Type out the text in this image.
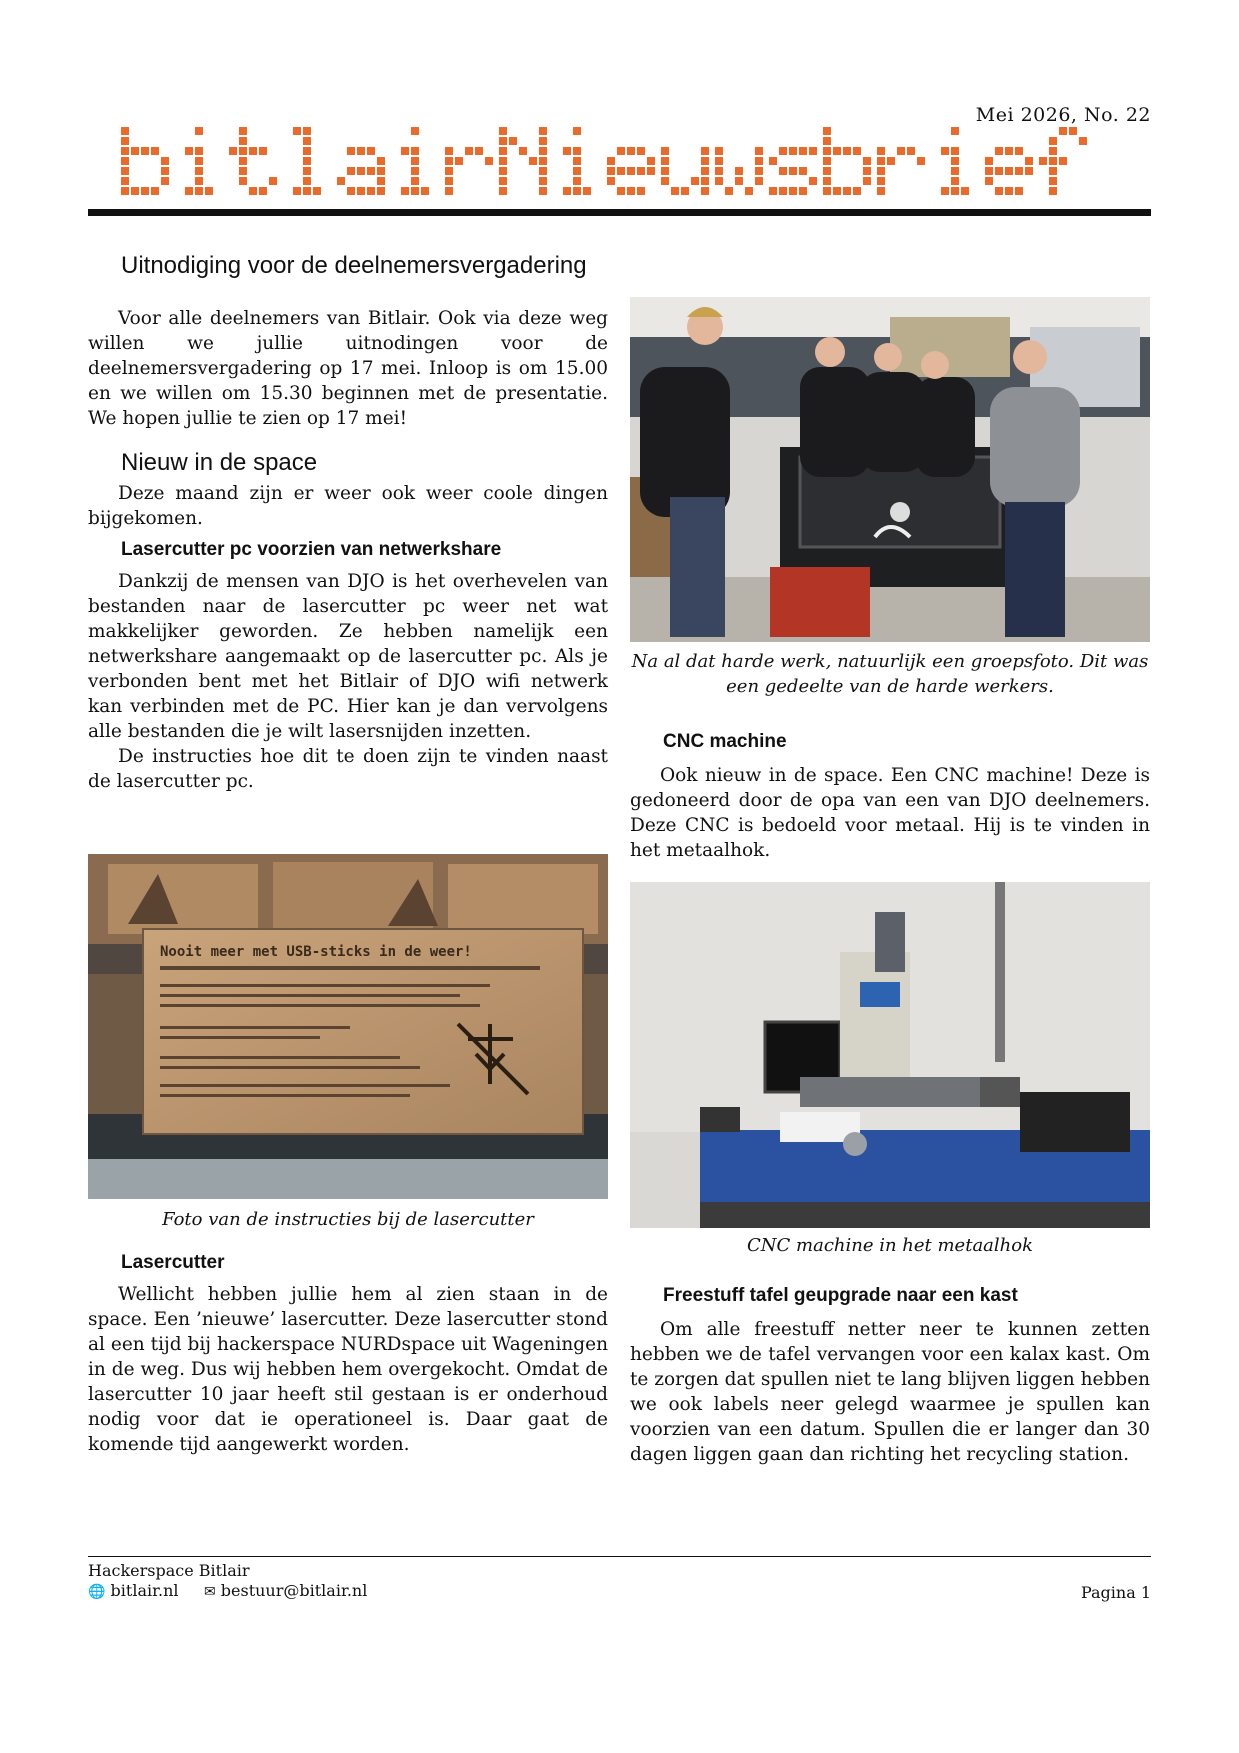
Mei 2026, No. 22
Uitnodiging voor de deelnemersvergadering

Voor alle deelnemers van Bitlair. Ook via deze weg willen we jullie uitnodingen voor de deelnemersvergadering op 17 mei. Inloop is om 15.00 en we willen om 15.30 beginnen met de presentatie. We hopen jullie te zien op 17 mei!

Nieuw in de space

Deze maand zijn er weer ook weer coole dingen bijgekomen.

Lasercutter pc voorzien van netwerkshare

Dankzij de mensen van DJO is het overhevelen van bestanden naar de lasercutter pc weer net wat makkelijker geworden. Ze hebben namelijk een netwerkshare aangemaakt op de lasercutter pc. Als je verbonden bent met het Bitlair of DJO wifi netwerk kan verbinden met de PC. Hier kan je dan vervolgens alle bestanden die je wilt lasersnijden inzetten.

De instructies hoe dit te doen zijn te vinden naast de lasercutter pc.

Nooit meer met USB-sticks in de weer!
Foto van de instructies bij de lasercutter
Lasercutter

Wellicht hebben jullie hem al zien staan in de space. Een ’nieuwe’ lasercutter. Deze lasercutter stond al een tijd bij hackerspace NURDspace uit Wageningen in de weg. Dus wij hebben hem overgekocht. Omdat de lasercutter 10 jaar heeft stil gestaan is er onderhoud nodig voor dat ie operationeel is. Daar gaat de komende tijd aangewerkt worden.

Na al dat harde werk, natuurlijk een groepsfoto. Dit was een gedeelte van de harde werkers.
CNC machine

Ook nieuw in de space. Een CNC machine! Deze is gedoneerd door de opa van een van DJO deelnemers. Deze CNC is bedoeld voor metaal. Hij is te vinden in het metaalhok.

CNC machine in het metaalhok
Freestuff tafel geupgrade naar een kast

Om alle freestuff netter neer te kunnen zetten hebben we de tafel vervangen voor een kalax kast. Om te zorgen dat spullen niet te lang blijven liggen hebben we ook labels neer gelegd waarmee je spullen kan voorzien van een datum. Spullen die er langer dan 30 dagen liggen gaan dan richting het recycling station.

Hackerspace Bitlair
🌐 bitlair.nl ✉ bestuur@bitlair.nl	Pagina 1
